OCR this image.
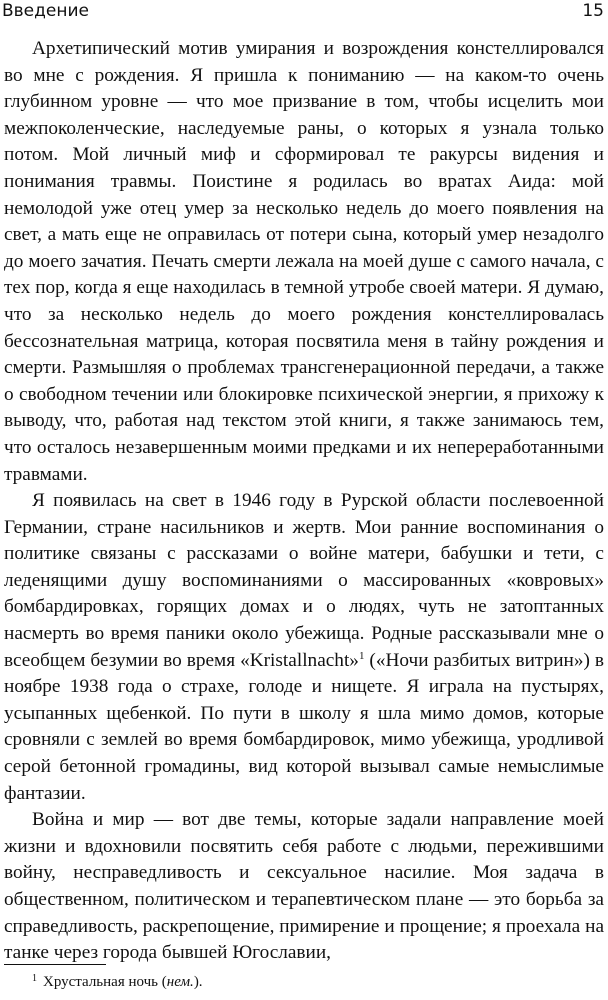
Введение	15

Архетипический мотив умирания и возрождения констеллировался во мне с рождения. Я пришла к пониманию — на каком-то очень глубинном уровне — что мое призвание в том, чтобы исцелить мои межпоколенческие, наследуемые раны, о которых я узнала только потом. Мой личный миф и сформировал те ракурсы видения и понимания травмы. Поистине я родилась во вратах Аида: мой немолодой уже отец умер за несколько недель до моего появления на свет, а мать еще не оправилась от потери сына, который умер незадолго до моего зачатия. Печать смерти лежала на моей душе с самого начала, с тех пор, когда я еще находилась в темной утробе своей матери. Я думаю, что за несколько недель до моего рождения констеллировалась бессознательная матрица, которая посвятила меня в тайну рождения и смерти. Размышляя о проблемах трансгенерационной передачи, а также о свободном течении или блокировке психической энергии, я прихожу к выводу, что, работая над текстом этой книги, я также занимаюсь тем, что осталось незавершенным моими предками и их непереработанными травмами.

Я появилась на свет в 1946 году в Рурской области послевоенной Германии, стране насильников и жертв. Мои ранние воспоминания о политике связаны с рассказами о войне матери, бабушки и тети, с леденящими душу воспоминаниями о массированных «ковровых» бомбардировках, горящих домах и о людях, чуть не затоптанных насмерть во время паники около убежища. Родные рассказывали мне о всеобщем безумии во время «Kristallnacht»$^1$ («Ночи разбитых витрин») в ноябре 1938 года о страхе, голоде и нищете. Я играла на пустырях, усыпанных щебенкой. По пути в школу я шла мимо домов, которые сровняли с землей во время бомбардировок, мимо убежища, уродливой серой бетонной громадины, вид которой вызывал самые немыслимые фантазии.

Война и мир — вот две темы, которые задали направление моей жизни и вдохновили посвятить себя работе с людьми, пережившими войну, несправедливость и сексуальное насилие. Моя задача в общественном, политическом и терапевтическом плане — это борьба за справедливость, раскрепощение, примирение и прощение; я проехала на танке через города бывшей Югославии,

$^1$ Хрустальная ночь (нем.).
